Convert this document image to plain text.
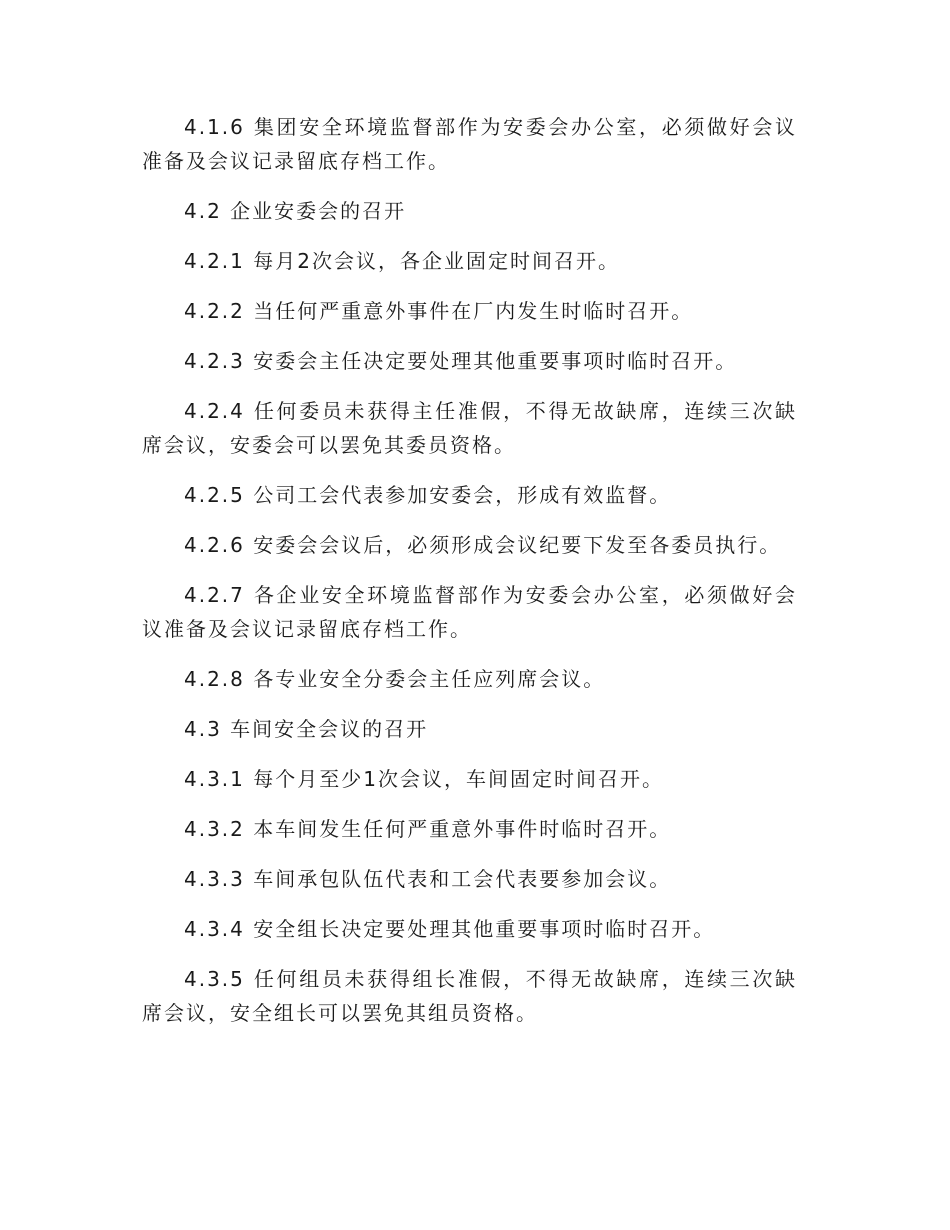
4.1.6 集团安全环境监督部作为安委会办公室，必须做好会议准备及会议记录留底存档工作。

4.2 企业安委会的召开

4.2.1 每月2次会议，各企业固定时间召开。

4.2.2 当任何严重意外事件在厂内发生时临时召开。

4.2.3 安委会主任决定要处理其他重要事项时临时召开。

4.2.4 任何委员未获得主任准假，不得无故缺席，连续三次缺席会议，安委会可以罢免其委员资格。

4.2.5 公司工会代表参加安委会，形成有效监督。

4.2.6 安委会会议后，必须形成会议纪要下发至各委员执行。

4.2.7 各企业安全环境监督部作为安委会办公室，必须做好会议准备及会议记录留底存档工作。

4.2.8 各专业安全分委会主任应列席会议。

4.3 车间安全会议的召开

4.3.1 每个月至少1次会议，车间固定时间召开。

4.3.2 本车间发生任何严重意外事件时临时召开。

4.3.3 车间承包队伍代表和工会代表要参加会议。

4.3.4 安全组长决定要处理其他重要事项时临时召开。

4.3.5 任何组员未获得组长准假，不得无故缺席，连续三次缺席会议，安全组长可以罢免其组员资格。
